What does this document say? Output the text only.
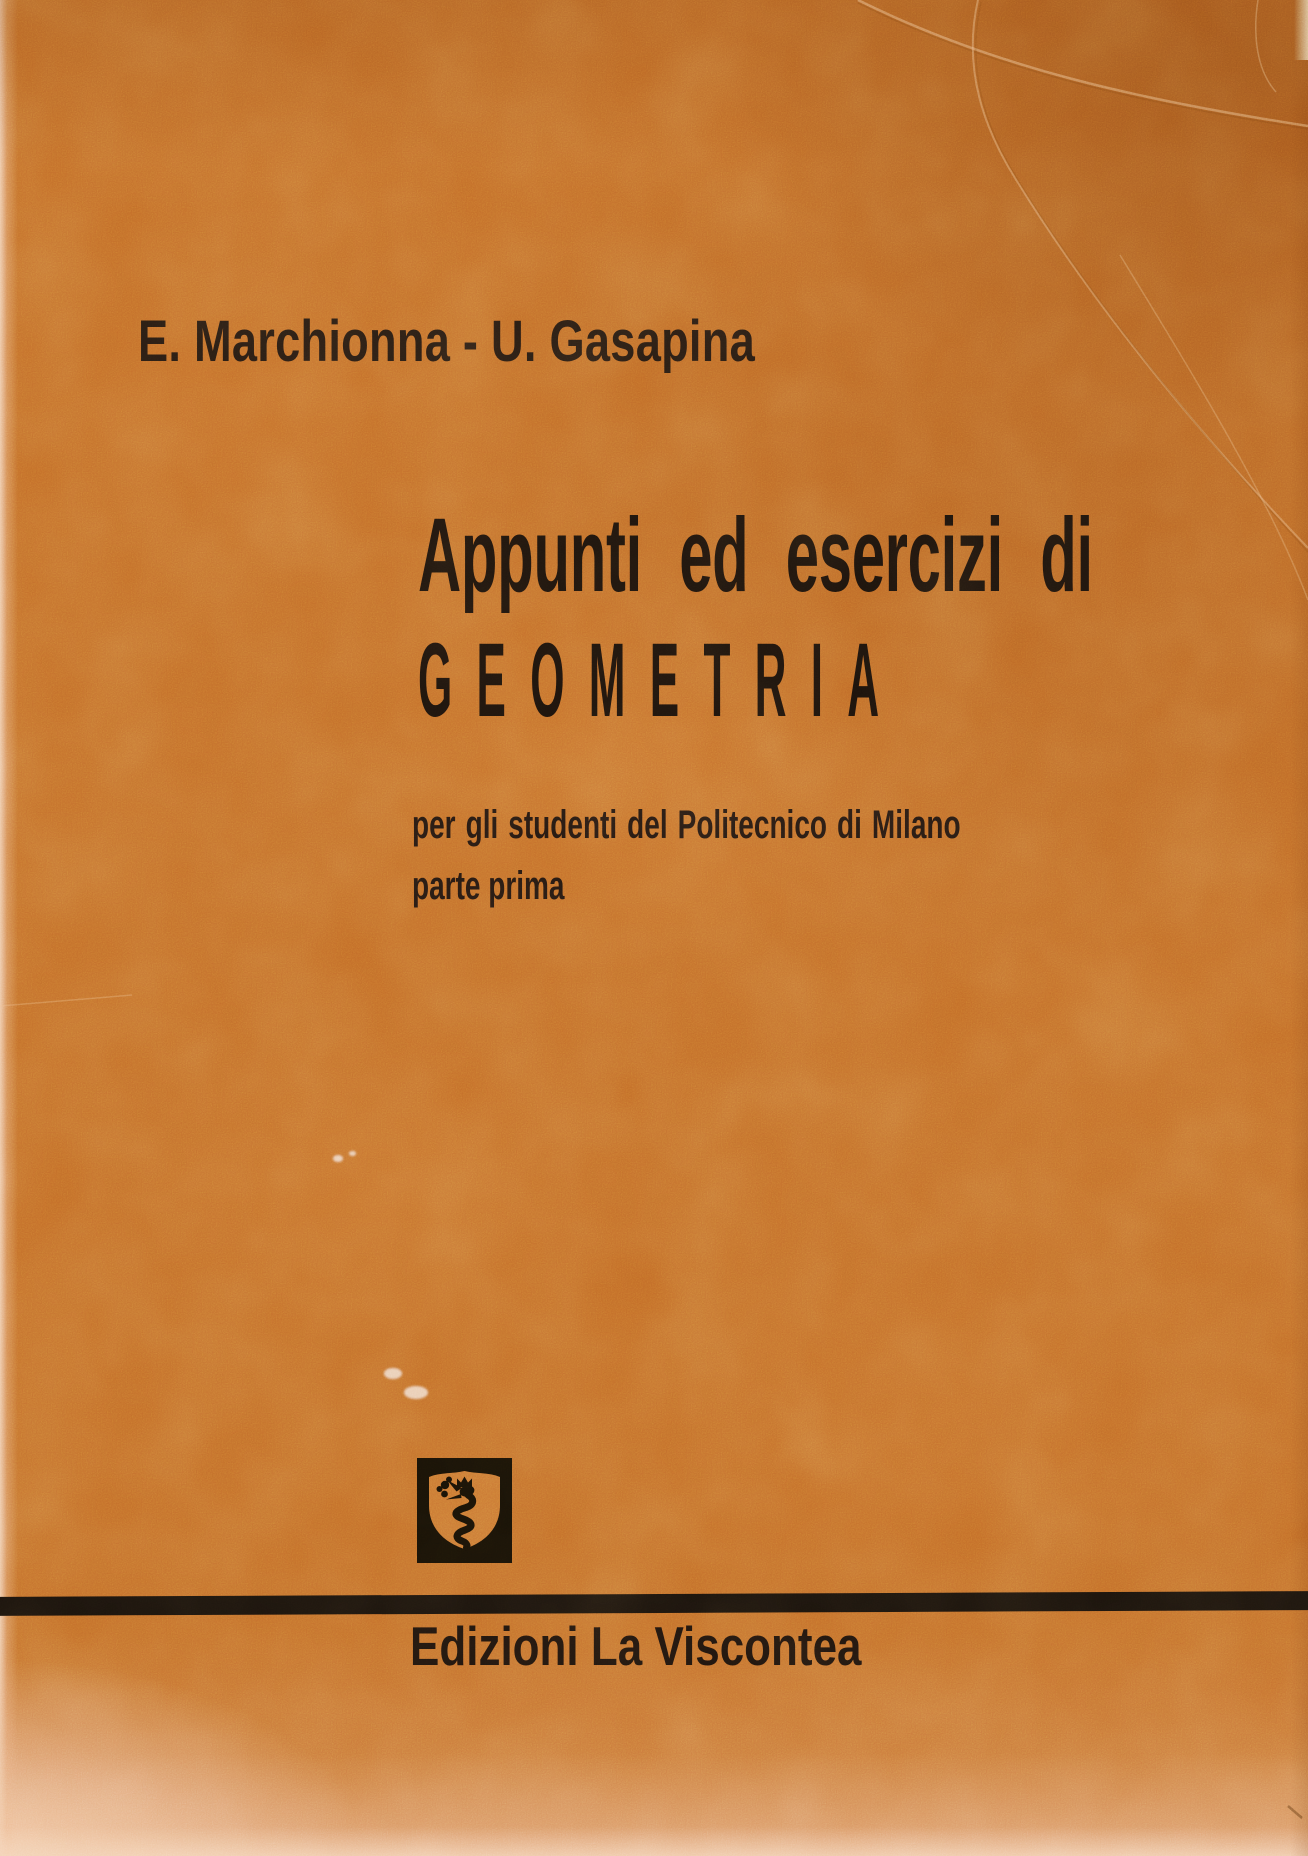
E. Marchionna - U. Gasapina
Appunti ed esercizi di
GEOMETRIA
per gli studenti del Politecnico di Milano
parte prima
Edizioni La Viscontea
